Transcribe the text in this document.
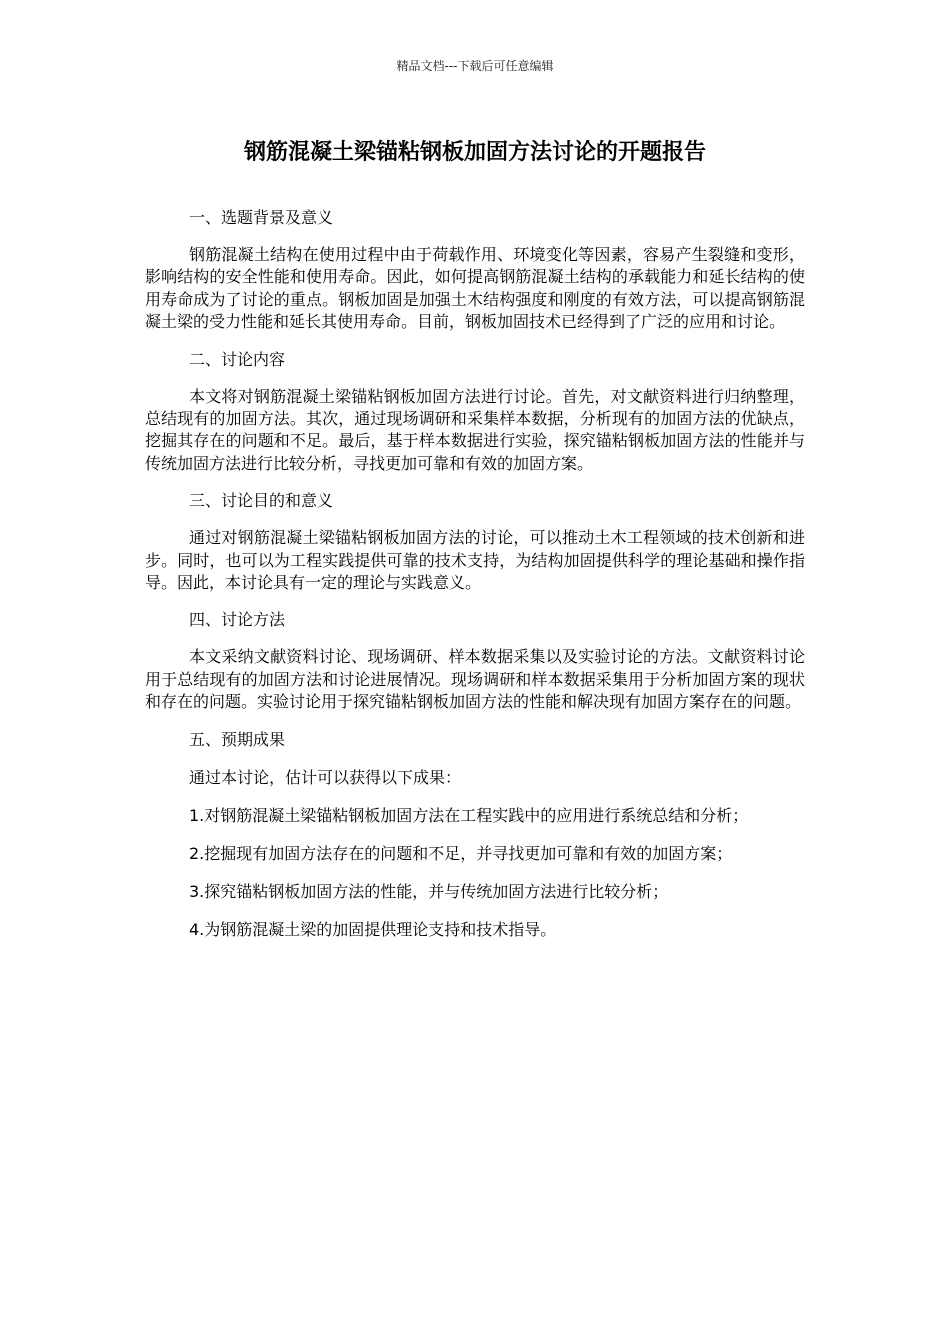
精品文档---下载后可任意编辑
钢筋混凝土梁锚粘钢板加固方法讨论的开题报告
一、选题背景及意义

钢筋混凝土结构在使用过程中由于荷载作用、环境变化等因素，容易产生裂缝和变形，影响结构的安全性能和使用寿命。因此，如何提高钢筋混凝土结构的承载能力和延长结构的使用寿命成为了讨论的重点。钢板加固是加强土木结构强度和刚度的有效方法，可以提高钢筋混凝土梁的受力性能和延长其使用寿命。目前，钢板加固技术已经得到了广泛的应用和讨论。

二、讨论内容

本文将对钢筋混凝土梁锚粘钢板加固方法进行讨论。首先，对文献资料进行归纳整理，总结现有的加固方法。其次，通过现场调研和采集样本数据，分析现有的加固方法的优缺点，挖掘其存在的问题和不足。最后，基于样本数据进行实验，探究锚粘钢板加固方法的性能并与传统加固方法进行比较分析，寻找更加可靠和有效的加固方案。

三、讨论目的和意义

通过对钢筋混凝土梁锚粘钢板加固方法的讨论，可以推动土木工程领域的技术创新和进步。同时，也可以为工程实践提供可靠的技术支持，为结构加固提供科学的理论基础和操作指导。因此，本讨论具有一定的理论与实践意义。

四、讨论方法

本文采纳文献资料讨论、现场调研、样本数据采集以及实验讨论的方法。文献资料讨论用于总结现有的加固方法和讨论进展情况。现场调研和样本数据采集用于分析加固方案的现状和存在的问题。实验讨论用于探究锚粘钢板加固方法的性能和解决现有加固方案存在的问题。

五、预期成果
通过本讨论，估计可以获得以下成果：
1.对钢筋混凝土梁锚粘钢板加固方法在工程实践中的应用进行系统总结和分析；
2.挖掘现有加固方法存在的问题和不足，并寻找更加可靠和有效的加固方案；
3.探究锚粘钢板加固方法的性能，并与传统加固方法进行比较分析；
4.为钢筋混凝土梁的加固提供理论支持和技术指导。
